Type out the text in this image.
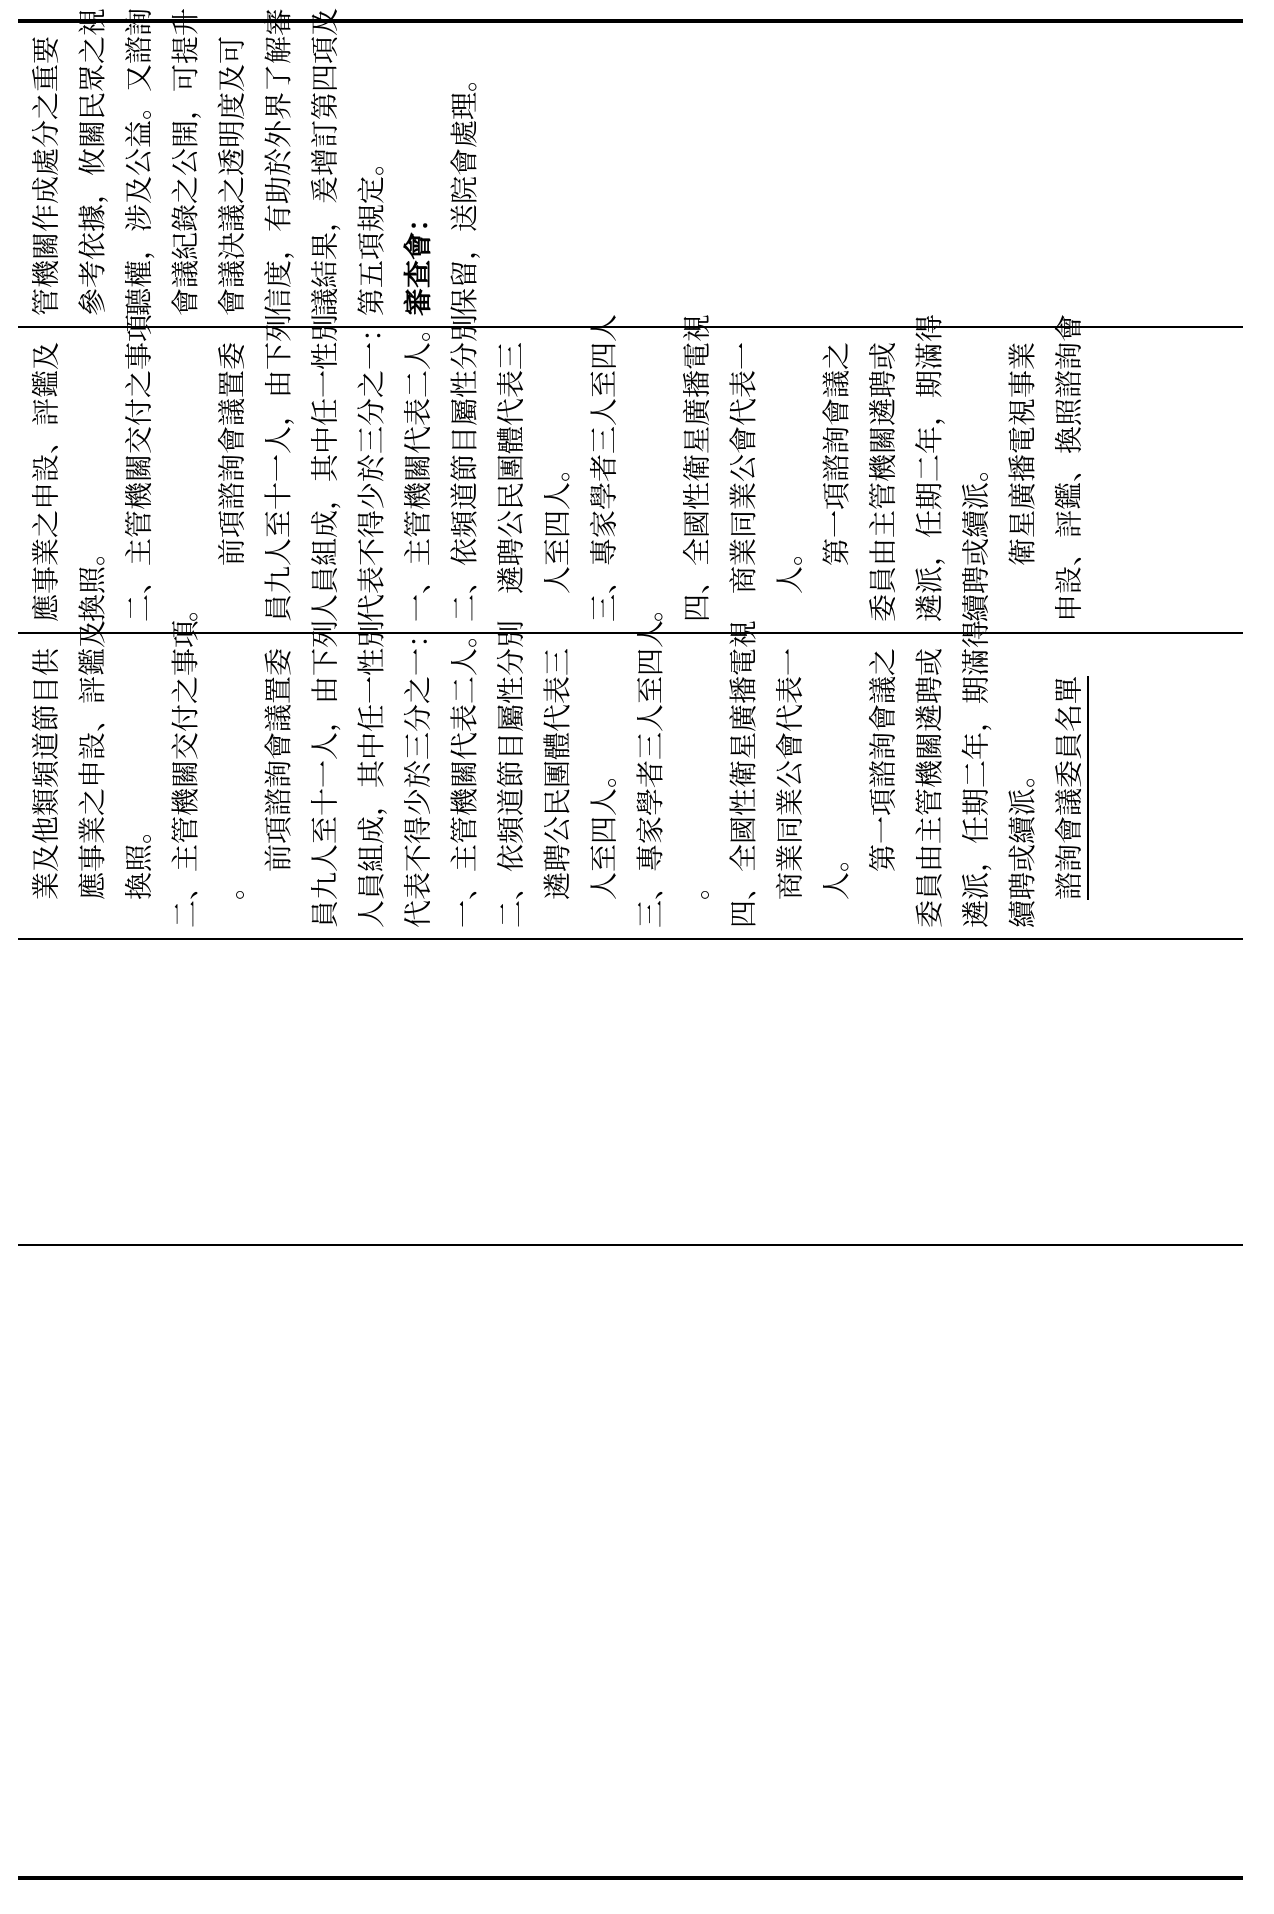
管機關作成處分之重要 參考依據，攸關民眾之視 聽權，涉及公益。又諮詢 會議紀錄之公開，可提升 會議決議之透明度及可 信度，有助於外界了解審 議結果，爰增訂第四項及 第五項規定。 審查會： 保留，送院會處理。
應事業之申設、評鑑及 換照。 二、主管機關交付之事項 。
前項諮詢會議置委 員九人至十一人，由下列 人員組成，其中任一性別 代表不得少於三分之一： 一、主管機關代表二人。 二、依頻道節目屬性分別 遴聘公民團體代表三 人至四人。 三、專家學者三人至四人 。 四、全國性衛星廣播電視 商業同業公會代表一 人。 第一項諮詢會議之 委員由主管機關遴聘或 遴派，任期二年，期滿得 續聘或續派。 衛星廣播電視事業 申設、評鑑、換照諮詢會
業及他類頻道節目供 應事業之申設、評鑑及 換照。 二、主管機關交付之事項 。
前項諮詢會議置委 員九人至十一人，由下列 人員組成，其中任一性別 代表不得少於三分之一： 一、主管機關代表二人。 二、依頻道節目屬性分別 遴聘公民團體代表三 人至四人。 三、專家學者三人至四人 。 四、全國性衛星廣播電視 商業同業公會代表一 人。 第一項諮詢會議之 委員由主管機關遴聘或 遴派，任期二年，期滿得 續聘或續派。 諮詢會議委員名單
